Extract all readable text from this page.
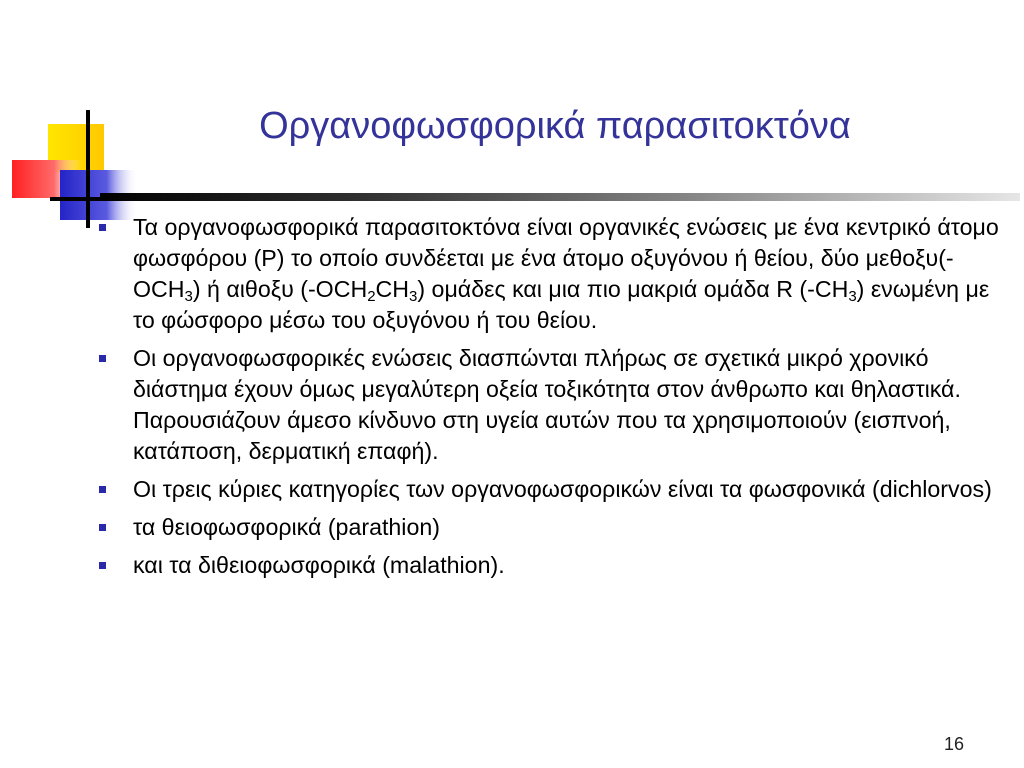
Οργανοφωσφορικά παρασιτοκτόνα
Τα οργανοφωσφορικά παρασιτοκτόνα είναι οργανικές ενώσεις με ένα κεντρικό άτομο φωσφόρου (P) το οποίο συνδέεται με ένα άτομο οξυγόνου ή θείου, δύο $\mu\varepsilon\theta o\xi\upsilon(-OCH_3)$ ή αιθοξυ $(-OCH_2CH_3)$ ομάδες και μια πιο μακριά ομάδα R $(-CH_3)$ ενωμένη με το φώσφορο μέσω του οξυγόνου ή του θείου.
Οι οργανοφωσφορικές ενώσεις διασπώνται πλήρως σε σχετικά μικρό χρονικό διάστημα έχουν όμως μεγαλύτερη οξεία τοξικότητα στον άνθρωπο και θηλαστικά. Παρουσιάζουν άμεσο κίνδυνο στη υγεία αυτών που τα χρησιμοποιούν (εισπνοή, κατάποση, δερματική επαφή).
Οι τρεις κύριες κατηγορίες των οργανοφωσφορικών είναι τα φωσφονικά (dichlorvos)
τα θειοφωσφορικά (parathion)
και τα διθειοφωσφορικά (malathion).
16
